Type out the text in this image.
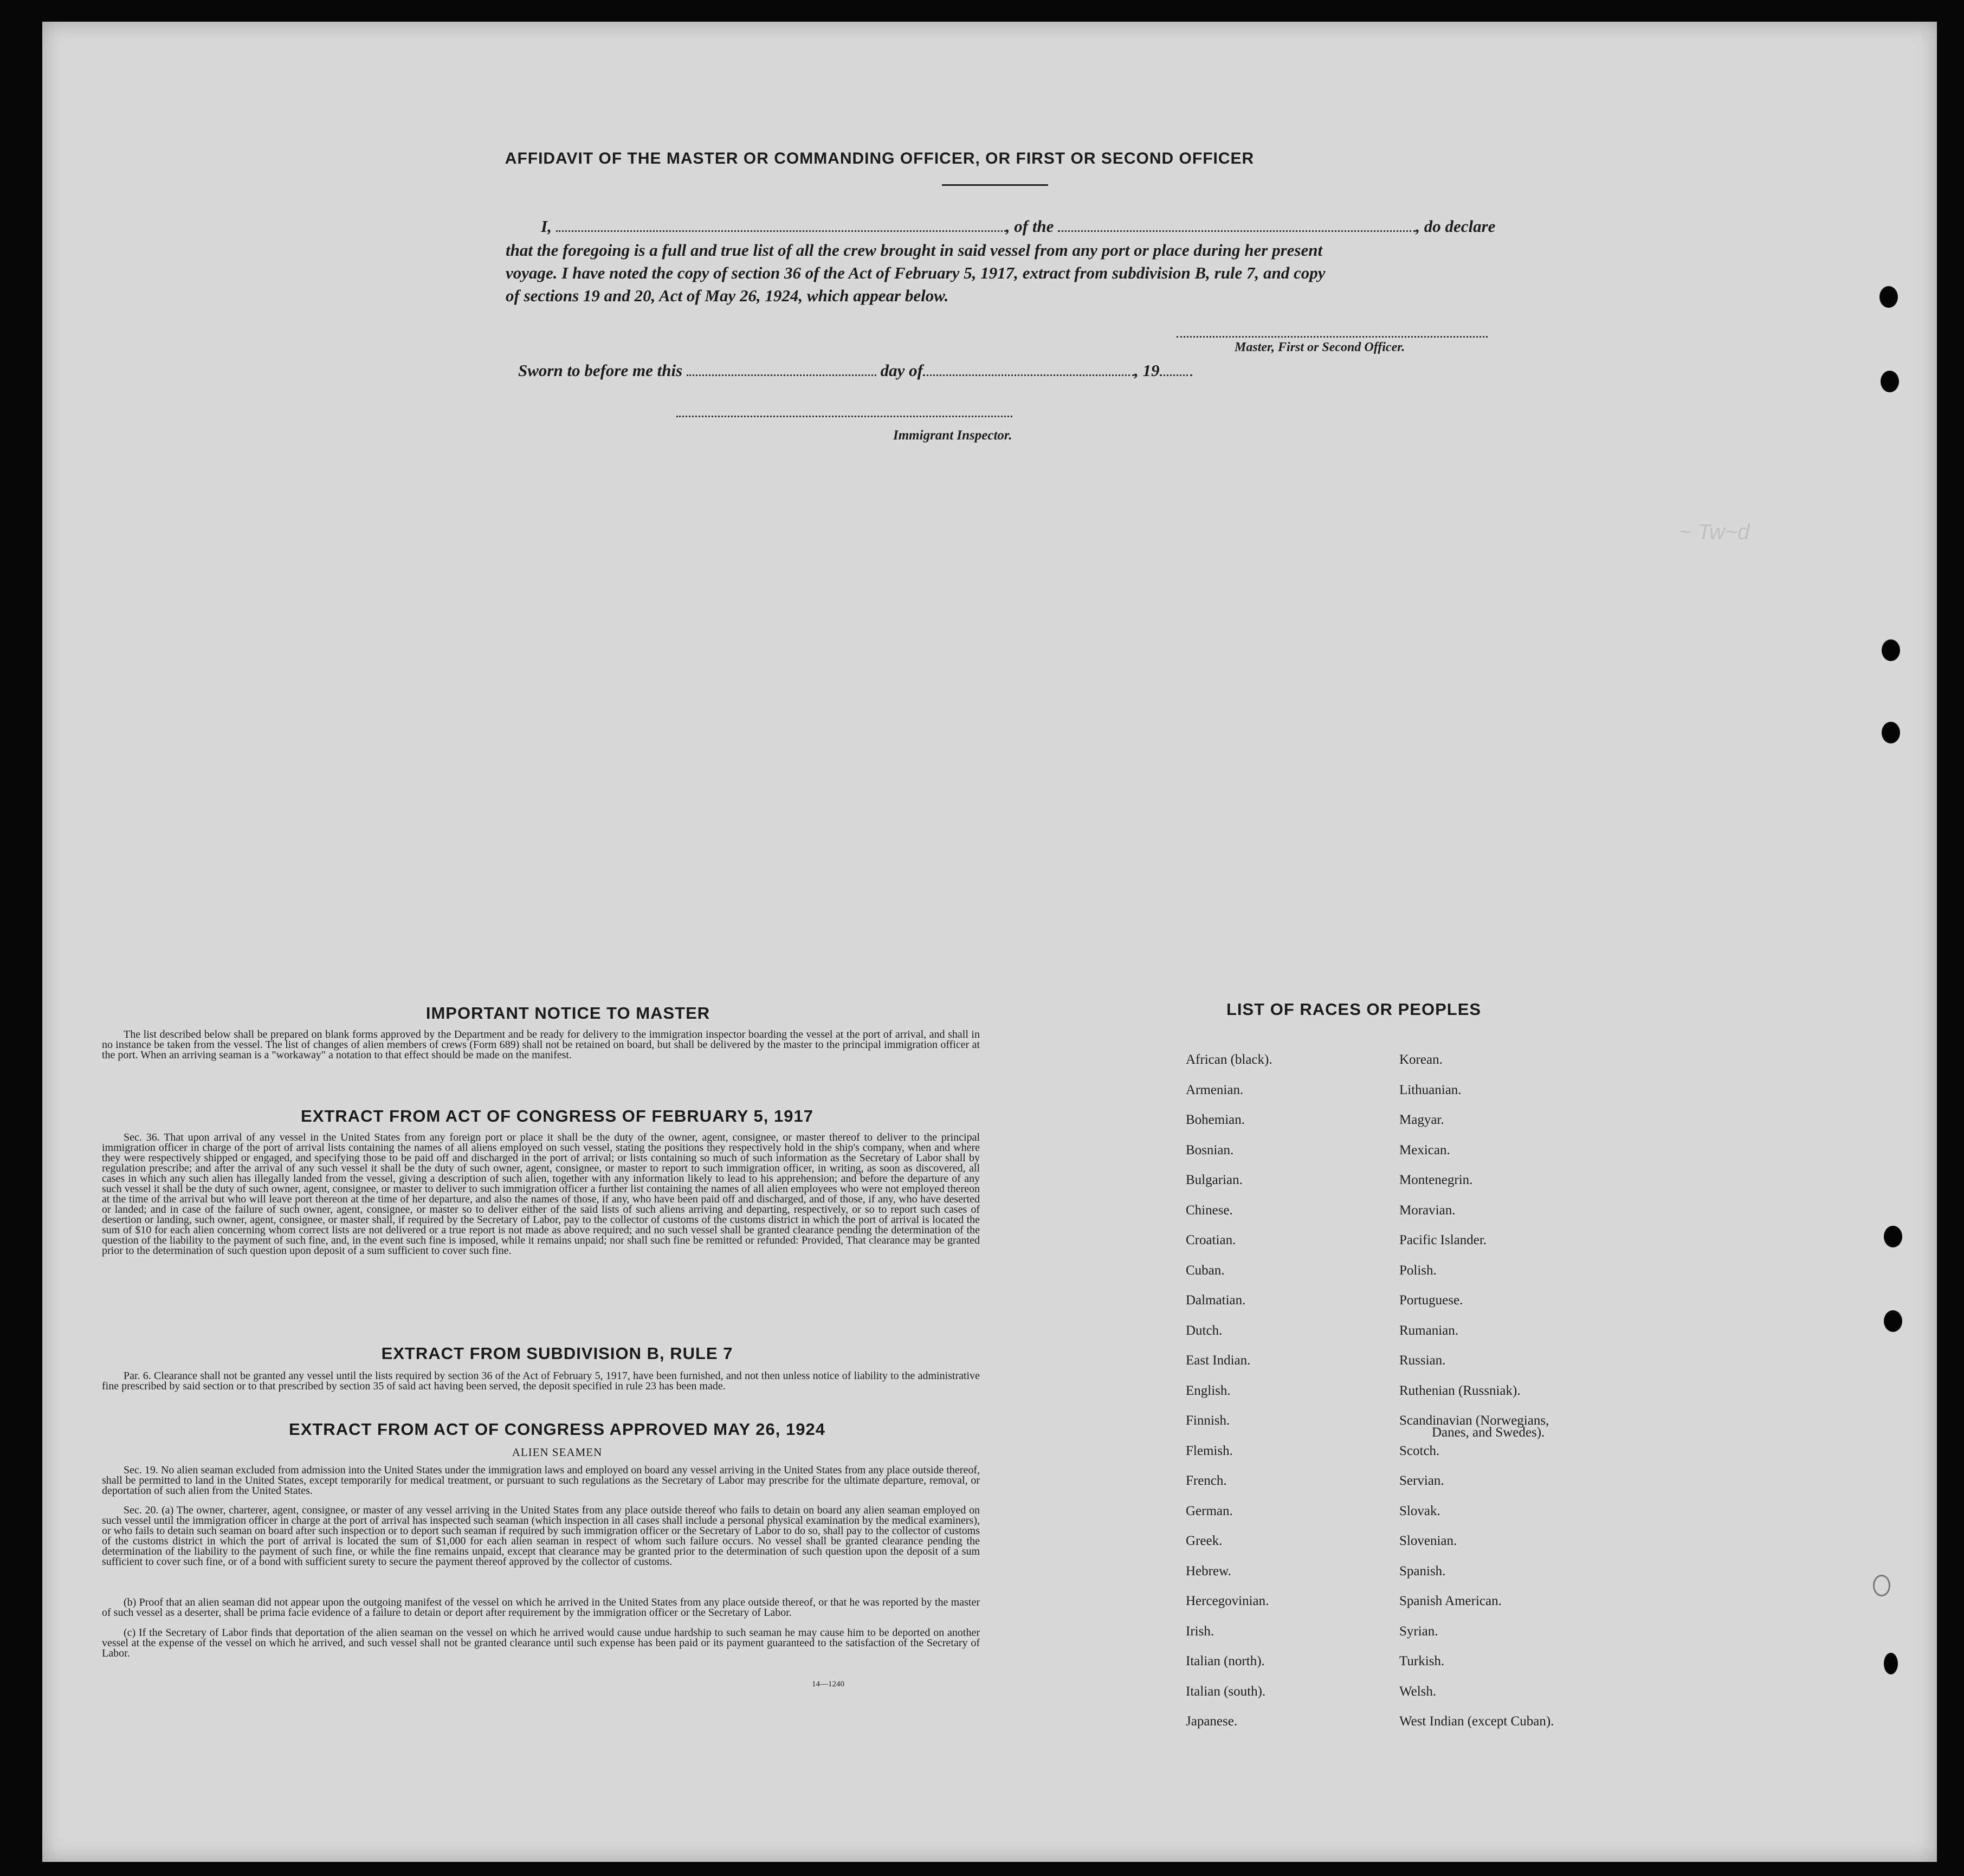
AFFIDAVIT OF THE MASTER OR COMMANDING OFFICER, OR FIRST OR SECOND OFFICER
I,	, of the	, do declare
that the foregoing is a full and true list of all the crew brought in said vessel from any port or place during her present
voyage. I have noted the copy of section 36 of the Act of February 5, 1917, extract from subdivision B, rule 7, and copy
of sections 19 and 20, Act of May 26, 1924, which appear below.
Master, First or Second Officer.
Sworn to before me this	day of	, 19
Immigrant Inspector.
~ Tw~d
IMPORTANT NOTICE TO MASTER
The list described below shall be prepared on blank forms approved by the Department and be ready for delivery to the immigration inspector boarding the vessel at the port of arrival, and shall in no instance be taken from the vessel. The list of changes of alien members of crews (Form 689) shall not be retained on board, but shall be delivered by the master to the principal immigration officer at the port. When an arriving seaman is a "workaway" a notation to that effect should be made on the manifest.
EXTRACT FROM ACT OF CONGRESS OF FEBRUARY 5, 1917
Sec. 36. That upon arrival of any vessel in the United States from any foreign port or place it shall be the duty of the owner, agent, consignee, or master thereof to deliver to the principal immigration officer in charge of the port of arrival lists containing the names of all aliens employed on such vessel, stating the positions they respectively hold in the ship's company, when and where they were respectively shipped or engaged, and specifying those to be paid off and discharged in the port of arrival; or lists containing so much of such information as the Secretary of Labor shall by regulation prescribe; and after the arrival of any such vessel it shall be the duty of such owner, agent, consignee, or master to report to such immigration officer, in writing, as soon as discovered, all cases in which any such alien has illegally landed from the vessel, giving a description of such alien, together with any information likely to lead to his apprehension; and before the departure of any such vessel it shall be the duty of such owner, agent, consignee, or master to deliver to such immigration officer a further list containing the names of all alien employees who were not employed thereon at the time of the arrival but who will leave port thereon at the time of her departure, and also the names of those, if any, who have been paid off and discharged, and of those, if any, who have deserted or landed; and in case of the failure of such owner, agent, consignee, or master so to deliver either of the said lists of such aliens arriving and departing, respectively, or so to report such cases of desertion or landing, such owner, agent, consignee, or master shall, if required by the Secretary of Labor, pay to the collector of customs of the customs district in which the port of arrival is located the sum of $10 for each alien concerning whom correct lists are not delivered or a true report is not made as above required; and no such vessel shall be granted clearance pending the determination of the question of the liability to the payment of such fine, and, in the event such fine is imposed, while it remains unpaid; nor shall such fine be remitted or refunded: Provided, That clearance may be granted prior to the determination of such question upon deposit of a sum sufficient to cover such fine.
EXTRACT FROM SUBDIVISION B, RULE 7
Par. 6. Clearance shall not be granted any vessel until the lists required by section 36 of the Act of February 5, 1917, have been furnished, and not then unless notice of liability to the administrative fine prescribed by said section or to that prescribed by section 35 of said act having been served, the deposit specified in rule 23 has been made.
EXTRACT FROM ACT OF CONGRESS APPROVED MAY 26, 1924
ALIEN SEAMEN
Sec. 19. No alien seaman excluded from admission into the United States under the immigration laws and employed on board any vessel arriving in the United States from any place outside thereof, shall be permitted to land in the United States, except temporarily for medical treatment, or pursuant to such regulations as the Secretary of Labor may prescribe for the ultimate departure, removal, or deportation of such alien from the United States.
Sec. 20. (a) The owner, charterer, agent, consignee, or master of any vessel arriving in the United States from any place outside thereof who fails to detain on board any alien seaman employed on such vessel until the immigration officer in charge at the port of arrival has inspected such seaman (which inspection in all cases shall include a personal physical examination by the medical examiners), or who fails to detain such seaman on board after such inspection or to deport such seaman if required by such immigration officer or the Secretary of Labor to do so, shall pay to the collector of customs of the customs district in which the port of arrival is located the sum of $1,000 for each alien seaman in respect of whom such failure occurs. No vessel shall be granted clearance pending the determination of the liability to the payment of such fine, or while the fine remains unpaid, except that clearance may be granted prior to the determination of such question upon the deposit of a sum sufficient to cover such fine, or of a bond with sufficient surety to secure the payment thereof approved by the collector of customs.
(b) Proof that an alien seaman did not appear upon the outgoing manifest of the vessel on which he arrived in the United States from any place outside thereof, or that he was reported by the master of such vessel as a deserter, shall be prima facie evidence of a failure to detain or deport after requirement by the immigration officer or the Secretary of Labor.
(c) If the Secretary of Labor finds that deportation of the alien seaman on the vessel on which he arrived would cause undue hardship to such seaman he may cause him to be deported on another vessel at the expense of the vessel on which he arrived, and such vessel shall not be granted clearance until such expense has been paid or its payment guaranteed to the satisfaction of the Secretary of Labor.
14—1240
LIST OF RACES OR PEOPLES
African (black).
Armenian.
Bohemian.
Bosnian.
Bulgarian.
Chinese.
Croatian.
Cuban.
Dalmatian.
Dutch.
East Indian.
English.
Finnish.
Flemish.
French.
German.
Greek.
Hebrew.
Hercegovinian.
Irish.
Italian (north).
Italian (south).
Japanese.
Korean.
Lithuanian.
Magyar.
Mexican.
Montenegrin.
Moravian.
Pacific Islander.
Polish.
Portuguese.
Rumanian.
Russian.
Ruthenian (Russniak).
Scandinavian (Norwegians,
Danes, and Swedes).
Scotch.
Servian.
Slovak.
Slovenian.
Spanish.
Spanish American.
Syrian.
Turkish.
Welsh.
West Indian (except Cuban).
